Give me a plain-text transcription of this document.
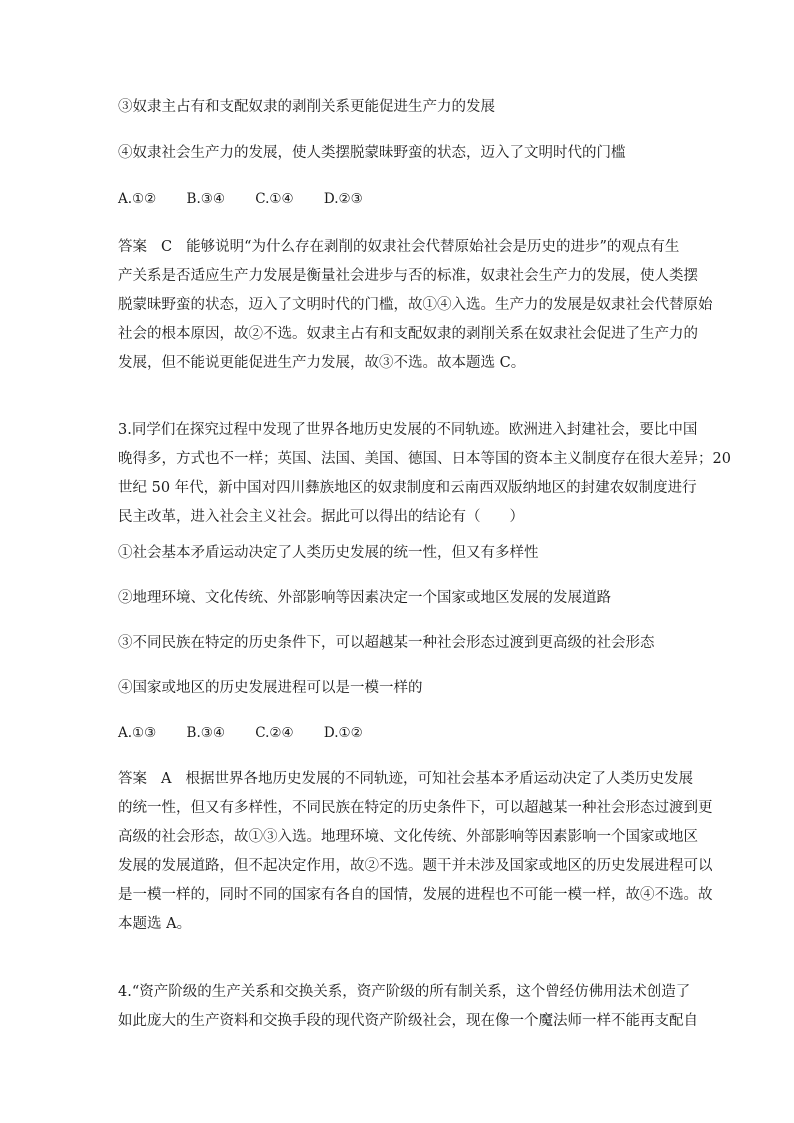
③奴隶主占有和支配奴隶的剥削关系更能促进生产力的发展
④奴隶社会生产力的发展，使人类摆脱蒙昧野蛮的状态，迈入了文明时代的门槛
A.①② B.③④ C.①④ D.②③
答案 C 能够说明“为什么存在剥削的奴隶社会代替原始社会是历史的进步”的观点有生
产关系是否适应生产力发展是衡量社会进步与否的标准，奴隶社会生产力的发展，使人类摆
脱蒙昧野蛮的状态，迈入了文明时代的门槛，故①④入选。生产力的发展是奴隶社会代替原始
社会的根本原因，故②不选。奴隶主占有和支配奴隶的剥削关系在奴隶社会促进了生产力的
发展，但不能说更能促进生产力发展，故③不选。故本题选 C。
3.同学们在探究过程中发现了世界各地历史发展的不同轨迹。欧洲进入封建社会，要比中国
晚得多，方式也不一样；英国、法国、美国、德国、日本等国的资本主义制度存在很大差异；20
世纪 50 年代，新中国对四川彝族地区的奴隶制度和云南西双版纳地区的封建农奴制度进行
民主改革，进入社会主义社会。据此可以得出的结论有（　　）
①社会基本矛盾运动决定了人类历史发展的统一性，但又有多样性
②地理环境、文化传统、外部影响等因素决定一个国家或地区发展的发展道路
③不同民族在特定的历史条件下，可以超越某一种社会形态过渡到更高级的社会形态
④国家或地区的历史发展进程可以是一模一样的
A.①③ B.③④ C.②④ D.①②
答案 A 根据世界各地历史发展的不同轨迹，可知社会基本矛盾运动决定了人类历史发展
的统一性，但又有多样性，不同民族在特定的历史条件下，可以超越某一种社会形态过渡到更
高级的社会形态，故①③入选。地理环境、文化传统、外部影响等因素影响一个国家或地区
发展的发展道路，但不起决定作用，故②不选。题干并未涉及国家或地区的历史发展进程可以
是一模一样的，同时不同的国家有各自的国情，发展的进程也不可能一模一样，故④不选。故
本题选 A。
4.“资产阶级的生产关系和交换关系，资产阶级的所有制关系，这个曾经仿佛用法术创造了
如此庞大的生产资料和交换手段的现代资产阶级社会，现在像一个魔法师一样不能再支配自
